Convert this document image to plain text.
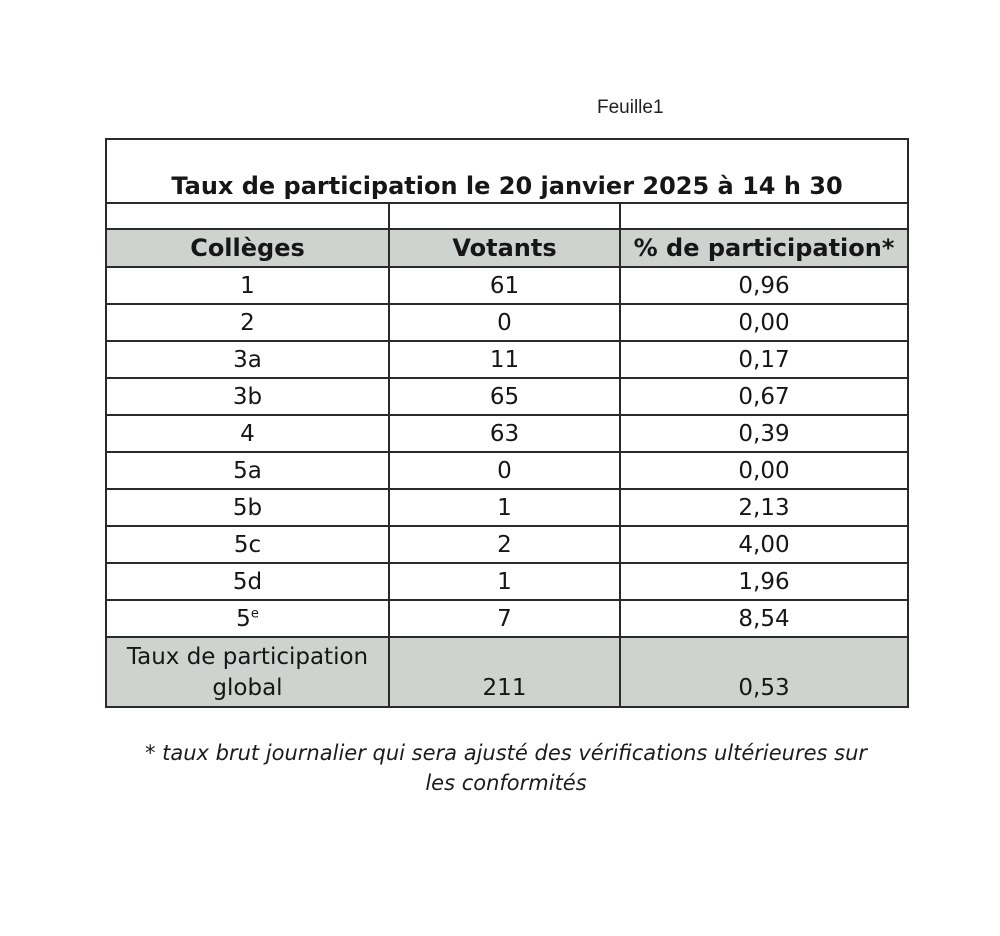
Feuille1
Taux de participation le 20 janvier 2025 à 14 h 30		

Collèges	Votants	% de participation*
1	61	0,96
2	0	0,00
3a	11	0,17
3b	65	0,67
4	63	0,39
5a	0	0,00
5b	1	2,13
5c	2	4,00
5d	1	1,96
5e	7	8,54

Taux de participation
global	211	0,53
* taux brut journalier qui sera ajusté des vérifications ultérieures sur
les conformités
